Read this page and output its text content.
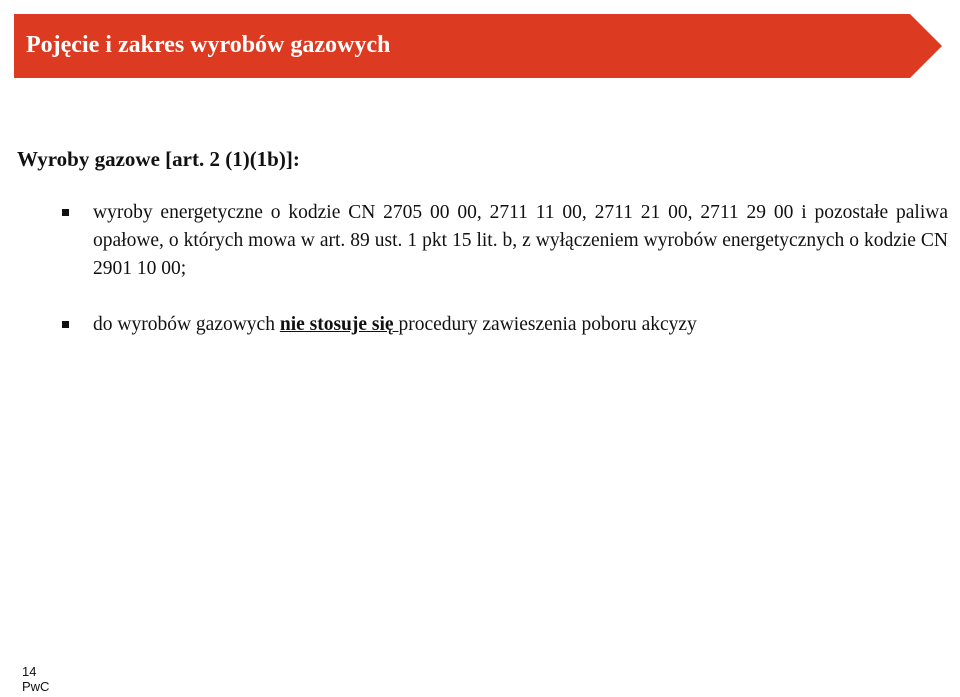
Pojęcie i zakres wyrobów gazowych
Wyroby gazowe [art. 2 (1)(1b)]:
wyroby energetyczne o kodzie CN 2705 00 00, 2711 11 00, 2711 21 00, 2711 29 00 i pozostałe paliwa opałowe, o których mowa w art. 89 ust. 1 pkt 15 lit. b, z wyłączeniem wyrobów energetycznych o kodzie CN 2901 10 00;
do wyrobów gazowych nie stosuje się procedury zawieszenia poboru akcyzy
14
PwC
